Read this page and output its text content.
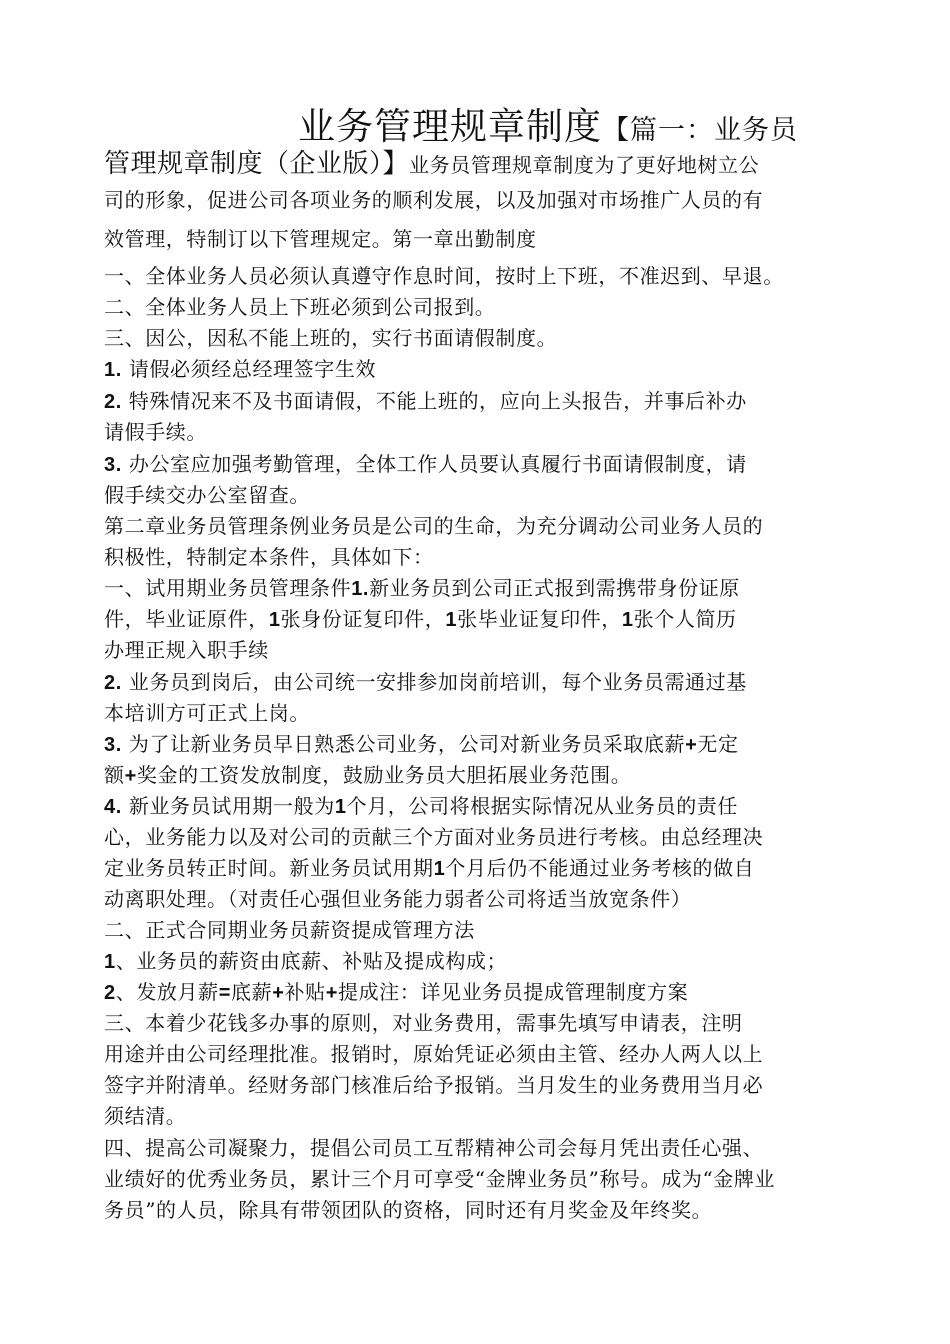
业务管理规章制度【篇一：业务员
管理规章制度（企业版）】业务员管理规章制度为了更好地树立公
司的形象，促进公司各项业务的顺利发展，以及加强对市场推广人员的有
效管理，特制订以下管理规定。第一章出勤制度
一、全体业务人员必须认真遵守作息时间，按时上下班，不准迟到、早退。
二、全体业务人员上下班必须到公司报到。
三、因公，因私不能上班的，实行书面请假制度。
1. 请假必须经总经理签字生效
2. 特殊情况来不及书面请假，不能上班的，应向上头报告，并事后补办
请假手续。
3. 办公室应加强考勤管理，全体工作人员要认真履行书面请假制度，请
假手续交办公室留查。
第二章业务员管理条例业务员是公司的生命，为充分调动公司业务人员的
积极性，特制定本条件，具体如下：
一、试用期业务员管理条件1.新业务员到公司正式报到需携带身份证原
件，毕业证原件，1张身份证复印件，1张毕业证复印件，1张个人简历
办理正规入职手续
2. 业务员到岗后，由公司统一安排参加岗前培训，每个业务员需通过基
本培训方可正式上岗。
3. 为了让新业务员早日熟悉公司业务，公司对新业务员采取底薪+无定
额+奖金的工资发放制度，鼓励业务员大胆拓展业务范围。
4. 新业务员试用期一般为1个月，公司将根据实际情况从业务员的责任
心，业务能力以及对公司的贡献三个方面对业务员进行考核。由总经理决
定业务员转正时间。新业务员试用期1个月后仍不能通过业务考核的做自
动离职处理。（对责任心强但业务能力弱者公司将适当放宽条件）
二、正式合同期业务员薪资提成管理方法
1、业务员的薪资由底薪、补贴及提成构成；
2、发放月薪=底薪+补贴+提成注：详见业务员提成管理制度方案
三、本着少花钱多办事的原则，对业务费用，需事先填写申请表，注明
用途并由公司经理批准。报销时，原始凭证必须由主管、经办人两人以上
签字并附清单。经财务部门核准后给予报销。当月发生的业务费用当月必
须结清。
四、提高公司凝聚力，提倡公司员工互帮精神公司会每月凭出责任心强、
业绩好的优秀业务员，累计三个月可享受“金牌业务员”称号。成为“金牌业
务员”的人员，除具有带领团队的资格，同时还有月奖金及年终奖。
